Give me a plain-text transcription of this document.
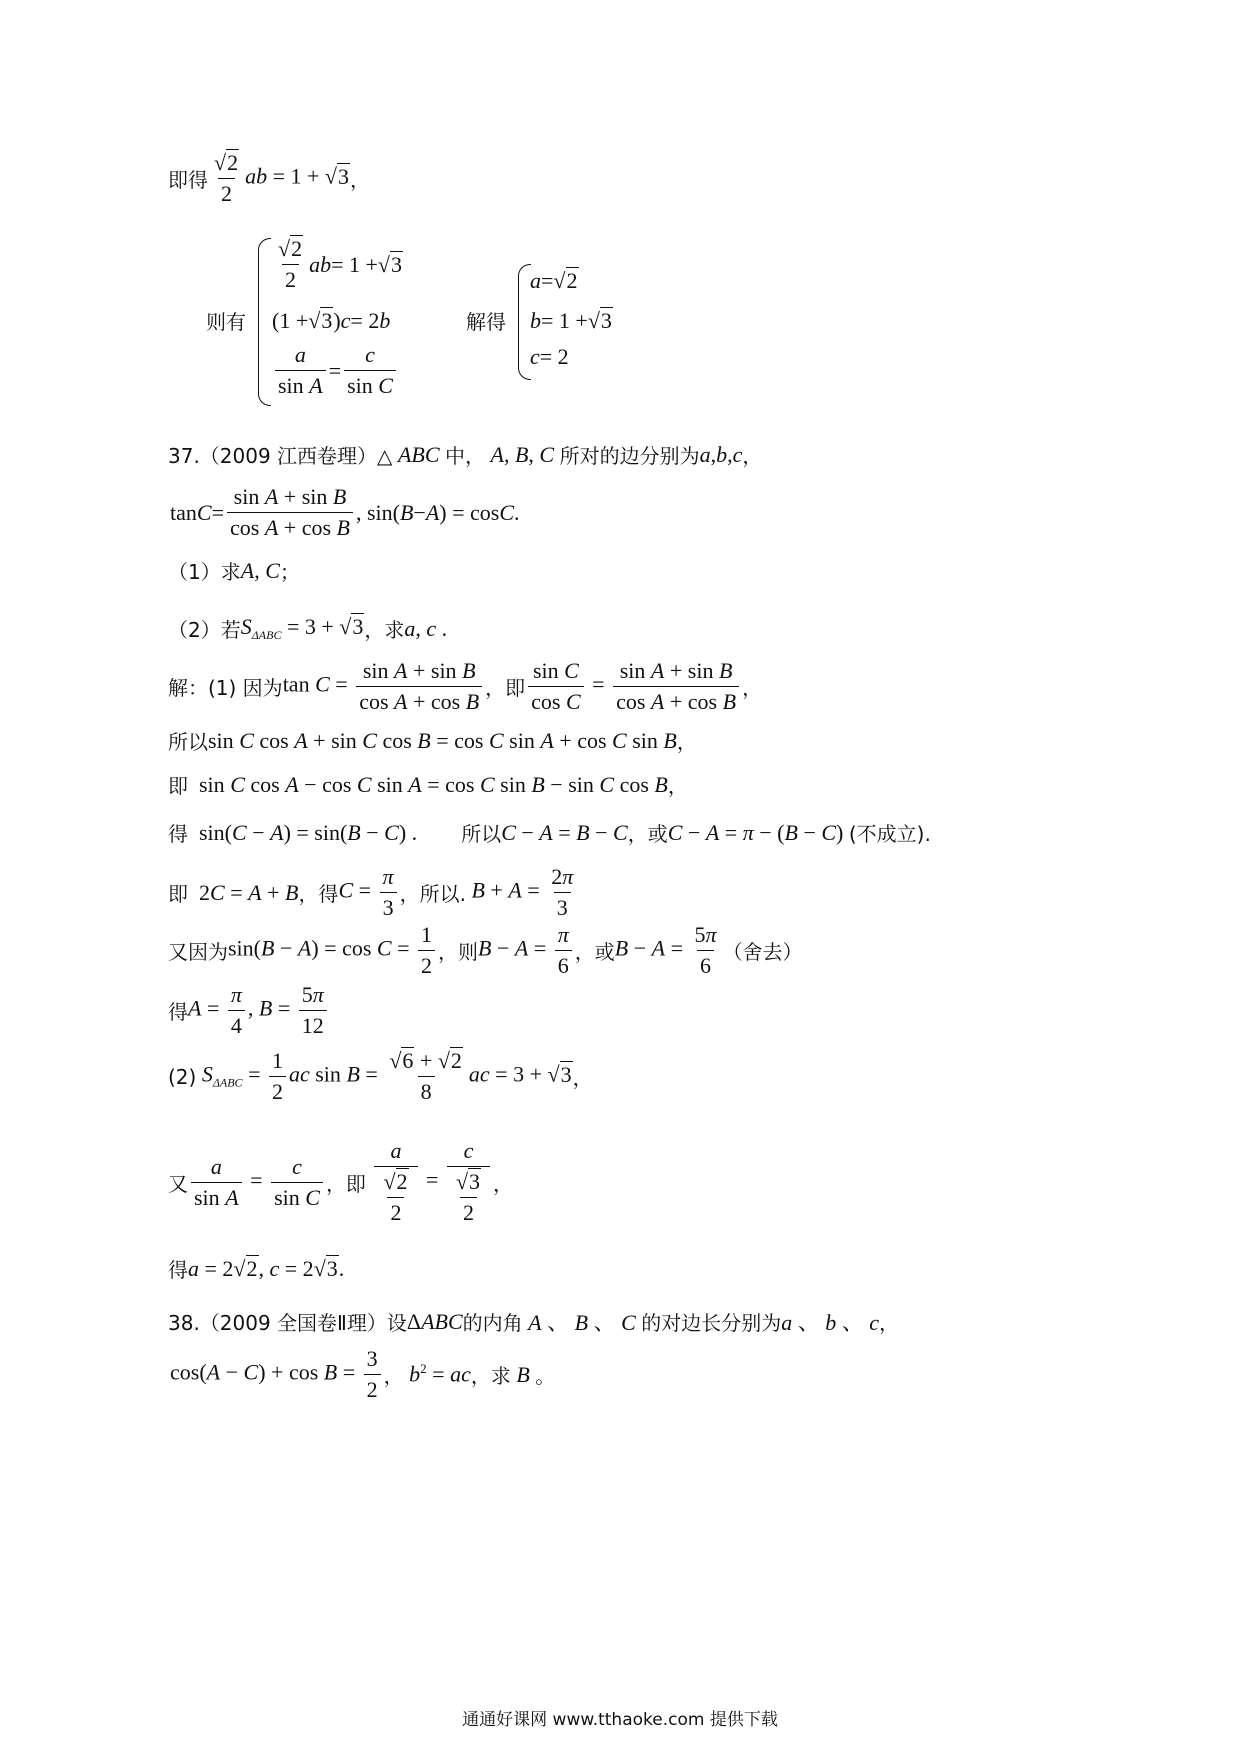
即得 $\frac{√2}{2}$ ab = 1 + √3 ，
则有
$\frac{√2}{2}$ ab = 1 + √3
(1 + √3 ) c = 2 b
$\frac{a}{\text{sin A}} = \frac{c}{\text{sin C}}$
解得
a = √2
b = 1 + √3
c = 2
37.（2009 江西卷理）△ ABC 中， A, B, C 所对的边分别为 a,b,c ，
$\tan C = \frac{\text{sin A + sin B}}{\text{cos A + cos B}}$ , sin( B − A ) = cos C .
（1）求 A, C ；
（2）若 $S_{\Delta ABC} = 3 + √3$ ，求 a, c .
解：(1) 因为 $\tan C = \frac{\text{sin A + sin B}}{\text{cos A + cos B}}$ ，即 $\frac{\text{sin C}}{\text{cos C}} = \frac{\text{sin A + sin B}}{\text{cos A + cos B}}$ ，
所以 sin C cos A + sin C cos B = cos C sin A + cos C sin B ，
即 sin C cos A − cos C sin A = cos C sin B − sin C cos B ，
得 sin(C − A) = sin(B − C) . 所以 C − A = B − C ，或 C − A = π − (B − C) (不成立).
即 2C = A + B ，得 $C = \frac{\pi}{3}$ ，所以. $B + A = \frac{2\pi}{3}$
又因为 $\sin(B - A) = \cos C = \frac{1}{2}$ ，则 $B - A = \frac{\pi}{6}$ ，或 $B - A = \frac{5\pi}{6}$ （舍去）
得 $A = \frac{\pi}{4}$ , $B = \frac{5\pi}{12}$
(2) $S_{\Delta ABC} = \frac{1}{2}$ ac $\sin B = \frac{√6 + √2}{8}$ ac = 3 + √3 ，
又 $\frac{a}{\text{sin A}} = \frac{c}{\text{sin C}}$ ，即
$\frac{a}{\frac{√2}{2}} = \frac{c}{\frac{√3}{2}}$ ，
得 a = 2√2, c = 2√3.
38.（2009 全国卷Ⅱ理）设 ΔABC 的内角 A 、 B 、 C 的对边长分别为 a 、 b 、 c ，
$\cos(A - C) + \cos B = \frac{3}{2}$ ， $b^2$ = ac ，求 B 。
通通好课网 www.tthaoke.com 提供下载
